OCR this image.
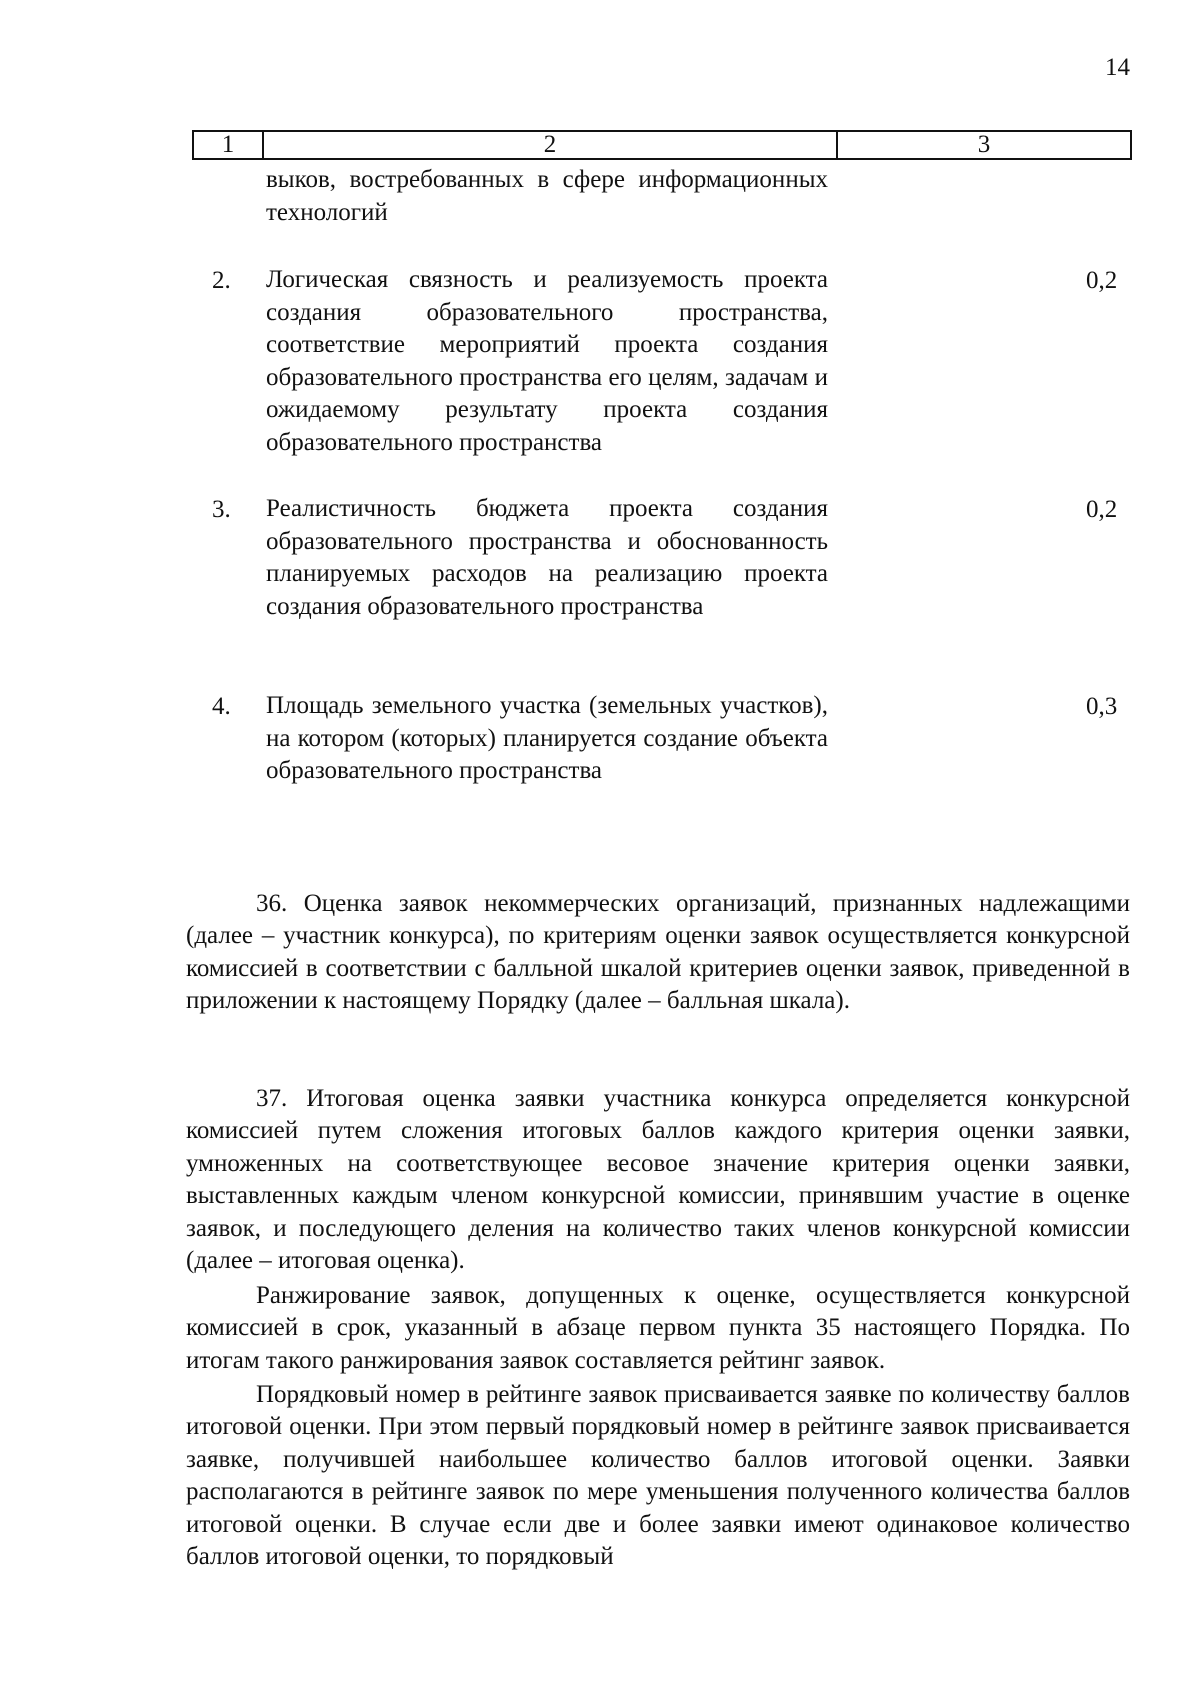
14
1	2	3
выков, востребованных в сфере информационных технологий
2. Логическая связность и реализуемость проекта создания образовательного пространства, соответствие мероприятий проекта создания образовательного пространства его целям, задачам и ожидаемому результату проекта создания образовательного пространства
0,2
3. Реалистичность бюджета проекта создания образовательного пространства и обоснованность планируемых расходов на реализацию проекта создания образовательного пространства
0,2
4. Площадь земельного участка (земельных участков), на котором (которых) планируется создание объекта образовательного пространства
0,3

36. Оценка заявок некоммерческих организаций, признанных надлежащими (далее – участник конкурса), по критериям оценки заявок осуществляется конкурсной комиссией в соответствии с балльной шкалой критериев оценки заявок, приведенной в приложении к настоящему Порядку (далее – балльная шкала).

37. Итоговая оценка заявки участника конкурса определяется конкурсной комиссией путем сложения итоговых баллов каждого критерия оценки заявки, умноженных на соответствующее весовое значение критерия оценки заявки, выставленных каждым членом конкурсной комиссии, принявшим участие в оценке заявок, и последующего деления на количество таких членов конкурсной комиссии (далее – итоговая оценка).

Ранжирование заявок, допущенных к оценке, осуществляется конкурсной комиссией в срок, указанный в абзаце первом пункта 35 настоящего Порядка. По итогам такого ранжирования заявок составляется рейтинг заявок.

Порядковый номер в рейтинге заявок присваивается заявке по количеству баллов итоговой оценки. При этом первый порядковый номер в рейтинге заявок присваивается заявке, получившей наибольшее количество баллов итоговой оценки. Заявки располагаются в рейтинге заявок по мере уменьшения полученного количества баллов итоговой оценки. В случае если две и более заявки имеют одинаковое количество баллов итоговой оценки, то порядковый
